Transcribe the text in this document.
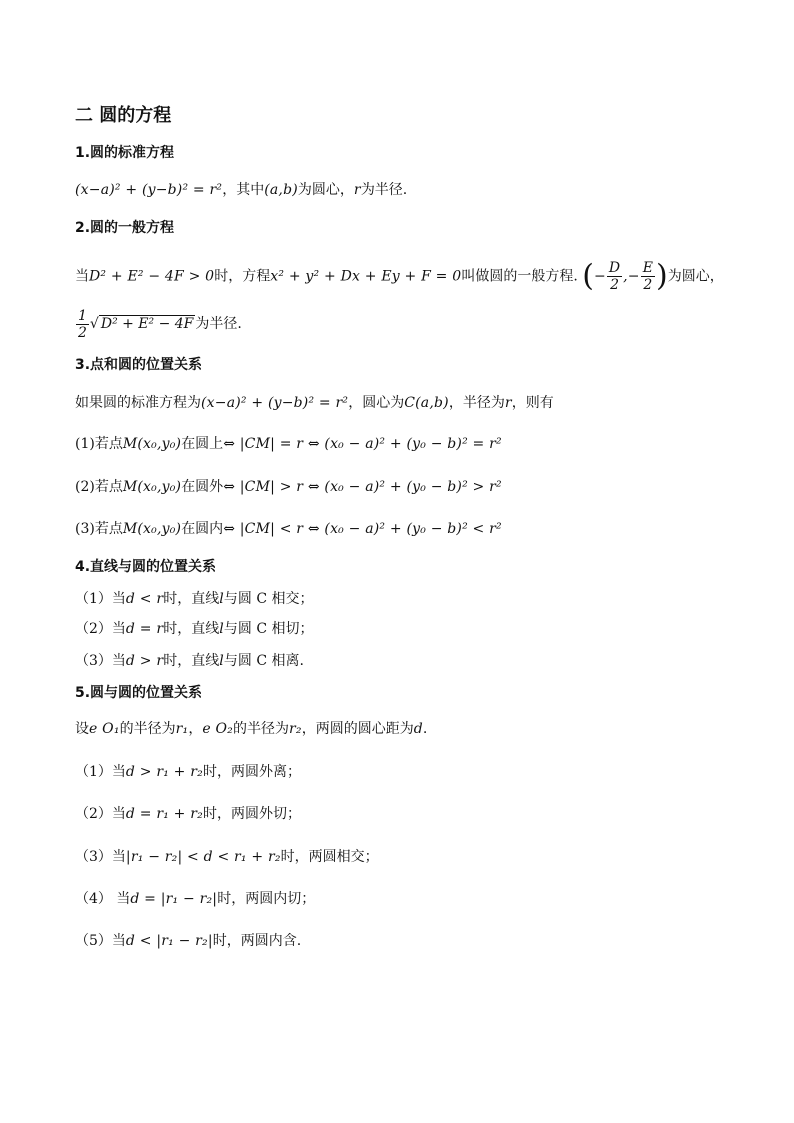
二 圆的方程
1.圆的标准方程
(x−a)² + (y−b)² = r²，其中(a,b)为圆心，r为半径.
2.圆的一般方程
当D² + E² − 4F > 0时，方程x² + y² + Dx + Ey + F = 0叫做圆的一般方程. (− $\frac{D}{2}$ ,− $\frac{E}{2}$ )为圆心，
$\frac{1}{2}$ √ D² + E² − 4F 为半径.
3.点和圆的位置关系
如果圆的标准方程为(x−a)² + (y−b)² = r²，圆心为C(a,b)，半径为r，则有
(1)若点M(x₀,y₀)在圆上⇔ |CM| = r ⇔ (x₀ − a)² + (y₀ − b)² = r²
(2)若点M(x₀,y₀)在圆外⇔ |CM| > r ⇔ (x₀ − a)² + (y₀ − b)² > r²
(3)若点M(x₀,y₀)在圆内⇔ |CM| < r ⇔ (x₀ − a)² + (y₀ − b)² < r²
4.直线与圆的位置关系
（1）当d < r时，直线l与圆 C 相交；
（2）当d = r时，直线l与圆 C 相切；
（3）当d > r时，直线l与圆 C 相离.
5.圆与圆的位置关系
设e O₁的半径为r₁，e O₂的半径为r₂，两圆的圆心距为d.
（1）当d > r₁ + r₂时，两圆外离；
（2）当d = r₁ + r₂时，两圆外切；
（3）当|r₁ − r₂| < d < r₁ + r₂时，两圆相交；
（4） 当d = |r₁ − r₂|时，两圆内切；
（5）当d < |r₁ − r₂|时，两圆内含.
